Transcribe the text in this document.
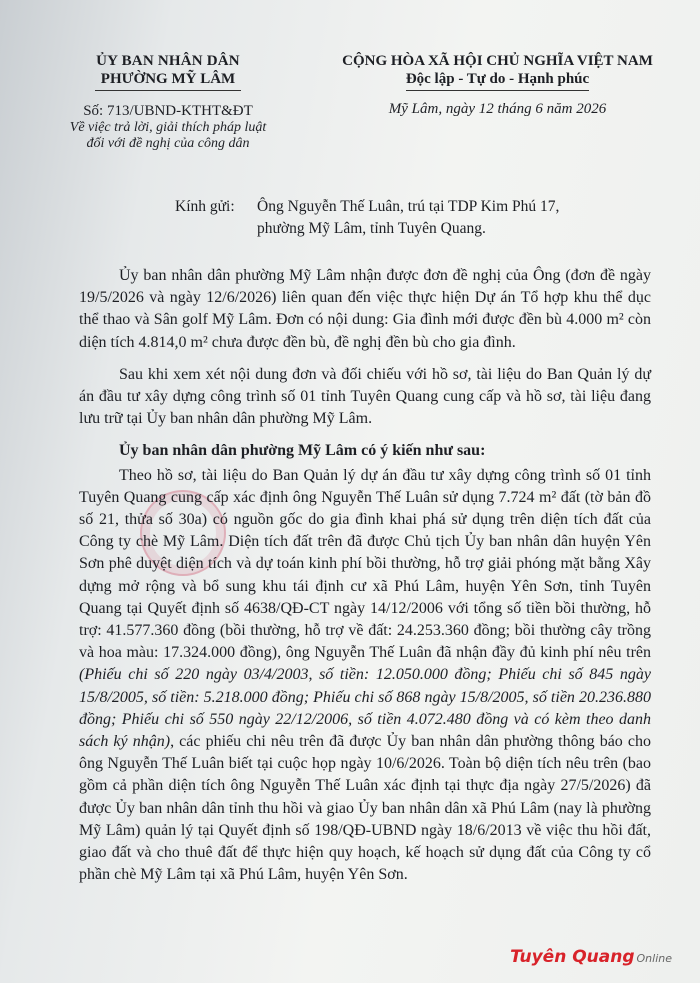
ỦY BAN NHÂN DÂN
PHƯỜNG MỸ LÂM
Số: 713/UBND-KTHT&ĐT
Về việc trả lời, giải thích pháp luật
đối với đề nghị của công dân
CỘNG HÒA XÃ HỘI CHỦ NGHĨA VIỆT NAM
Độc lập - Tự do - Hạnh phúc
Mỹ Lâm, ngày 12 tháng 6 năm 2026
Kính gửi:	Ông Nguyễn Thế Luân, trú tại TDP Kim Phú 17,
phường Mỹ Lâm, tỉnh Tuyên Quang.

Ủy ban nhân dân phường Mỹ Lâm nhận được đơn đề nghị của Ông (đơn đề ngày 19/5/2026 và ngày 12/6/2026) liên quan đến việc thực hiện Dự án Tổ hợp khu thể dục thể thao và Sân golf Mỹ Lâm. Đơn có nội dung: Gia đình mới được đền bù 4.000 m² còn diện tích 4.814,0 m² chưa được đền bù, đề nghị đền bù cho gia đình.

Sau khi xem xét nội dung đơn và đối chiếu với hồ sơ, tài liệu do Ban Quản lý dự án đầu tư xây dựng công trình số 01 tỉnh Tuyên Quang cung cấp và hồ sơ, tài liệu đang lưu trữ tại Ủy ban nhân dân phường Mỹ Lâm.

Ủy ban nhân dân phường Mỹ Lâm có ý kiến như sau:

Theo hồ sơ, tài liệu do Ban Quản lý dự án đầu tư xây dựng công trình số 01 tỉnh Tuyên Quang cung cấp xác định ông Nguyễn Thế Luân sử dụng 7.724 m² đất (tờ bản đồ số 21, thửa số 30a) có nguồn gốc do gia đình khai phá sử dụng trên diện tích đất của Công ty chè Mỹ Lâm. Diện tích đất trên đã được Chủ tịch Ủy ban nhân dân huyện Yên Sơn phê duyệt diện tích và dự toán kinh phí bồi thường, hỗ trợ giải phóng mặt bằng Xây dựng mở rộng và bổ sung khu tái định cư xã Phú Lâm, huyện Yên Sơn, tỉnh Tuyên Quang tại Quyết định số 4638/QĐ-CT ngày 14/12/2006 với tổng số tiền bồi thường, hỗ trợ: 41.577.360 đồng (bồi thường, hỗ trợ về đất: 24.253.360 đồng; bồi thường cây trồng và hoa màu: 17.324.000 đồng), ông Nguyễn Thế Luân đã nhận đầy đủ kinh phí nêu trên (Phiếu chi số 220 ngày 03/4/2003, số tiền: 12.050.000 đồng; Phiếu chi số 845 ngày 15/8/2005, số tiền: 5.218.000 đồng; Phiếu chi số 868 ngày 15/8/2005, số tiền 20.236.880 đồng; Phiếu chi số 550 ngày 22/12/2006, số tiền 4.072.480 đồng và có kèm theo danh sách ký nhận), các phiếu chi nêu trên đã được Ủy ban nhân dân phường thông báo cho ông Nguyễn Thế Luân biết tại cuộc họp ngày 10/6/2026. Toàn bộ diện tích nêu trên (bao gồm cả phần diện tích ông Nguyễn Thế Luân xác định tại thực địa ngày 27/5/2026) đã được Ủy ban nhân dân tỉnh thu hồi và giao Ủy ban nhân dân xã Phú Lâm (nay là phường Mỹ Lâm) quản lý tại Quyết định số 198/QĐ-UBND ngày 18/6/2013 về việc thu hồi đất, giao đất và cho thuê đất để thực hiện quy hoạch, kế hoạch sử dụng đất của Công ty cổ phần chè Mỹ Lâm tại xã Phú Lâm, huyện Yên Sơn.

Tuyên Quang Online
